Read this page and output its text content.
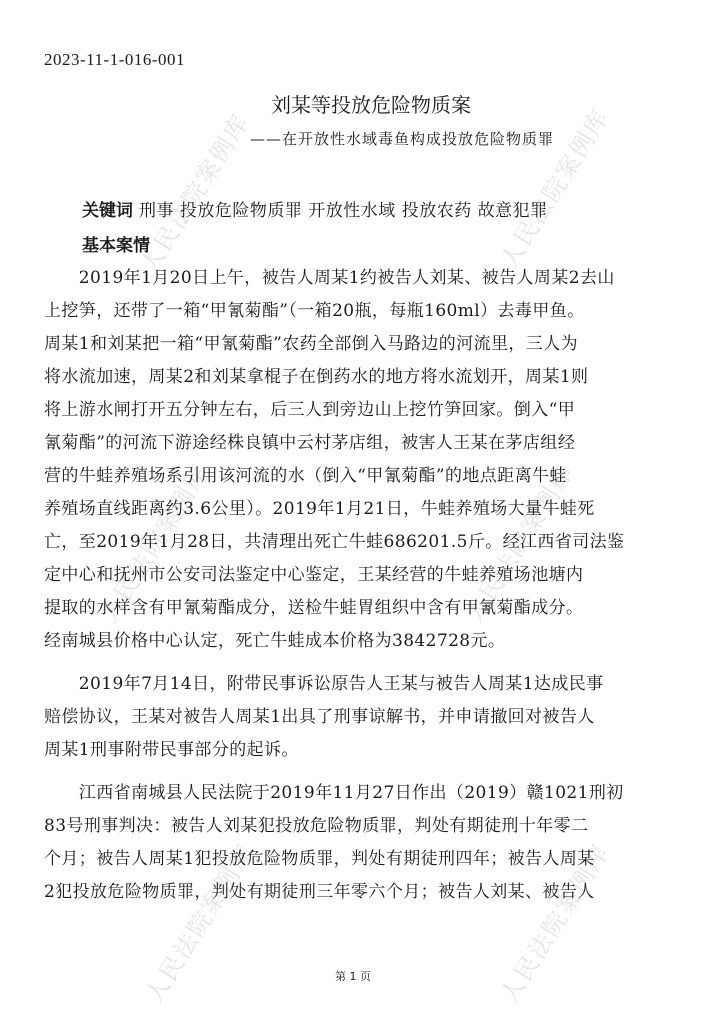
人民法院案例库	人民法院案例库
人民法院案例库	人民法院案例库
人民法院案例库	人民法院案例库
2023-11-1-016-001
刘某等投放危险物质案
——在开放性水域毒鱼构成投放危险物质罪
关键词 刑事 投放危险物质罪 开放性水域 投放农药 故意犯罪
基本案情
　　2019年1月20日上午，被告人周某1约被告人刘某、被告人周某2去山
上挖笋，还带了一箱“甲氰菊酯”（一箱20瓶，每瓶160ml）去毒甲鱼。
周某1和刘某把一箱“甲氰菊酯”农药全部倒入马路边的河流里，三人为
将水流加速，周某2和刘某拿棍子在倒药水的地方将水流划开，周某1则
将上游水闸打开五分钟左右，后三人到旁边山上挖竹笋回家。倒入“甲
氰菊酯”的河流下游途经株良镇中云村茅店组，被害人王某在茅店组经
营的牛蛙养殖场系引用该河流的水（倒入“甲氰菊酯”的地点距离牛蛙
养殖场直线距离约3.6公里）。2019年1月21日，牛蛙养殖场大量牛蛙死
亡，至2019年1月28日，共清理出死亡牛蛙686201.5斤。经江西省司法鉴
定中心和抚州市公安司法鉴定中心鉴定，王某经营的牛蛙养殖场池塘内
提取的水样含有甲氰菊酯成分，送检牛蛙胃组织中含有甲氰菊酯成分。
经南城县价格中心认定，死亡牛蛙成本价格为3842728元。
　　2019年7月14日，附带民事诉讼原告人王某与被告人周某1达成民事
赔偿协议，王某对被告人周某1出具了刑事谅解书，并申请撤回对被告人
周某1刑事附带民事部分的起诉。
　　江西省南城县人民法院于2019年11月27日作出（2019）赣1021刑初
83号刑事判决：被告人刘某犯投放危险物质罪，判处有期徒刑十年零二
个月；被告人周某1犯投放危险物质罪，判处有期徒刑四年；被告人周某
2犯投放危险物质罪，判处有期徒刑三年零六个月；被告人刘某、被告人
第 1 页
